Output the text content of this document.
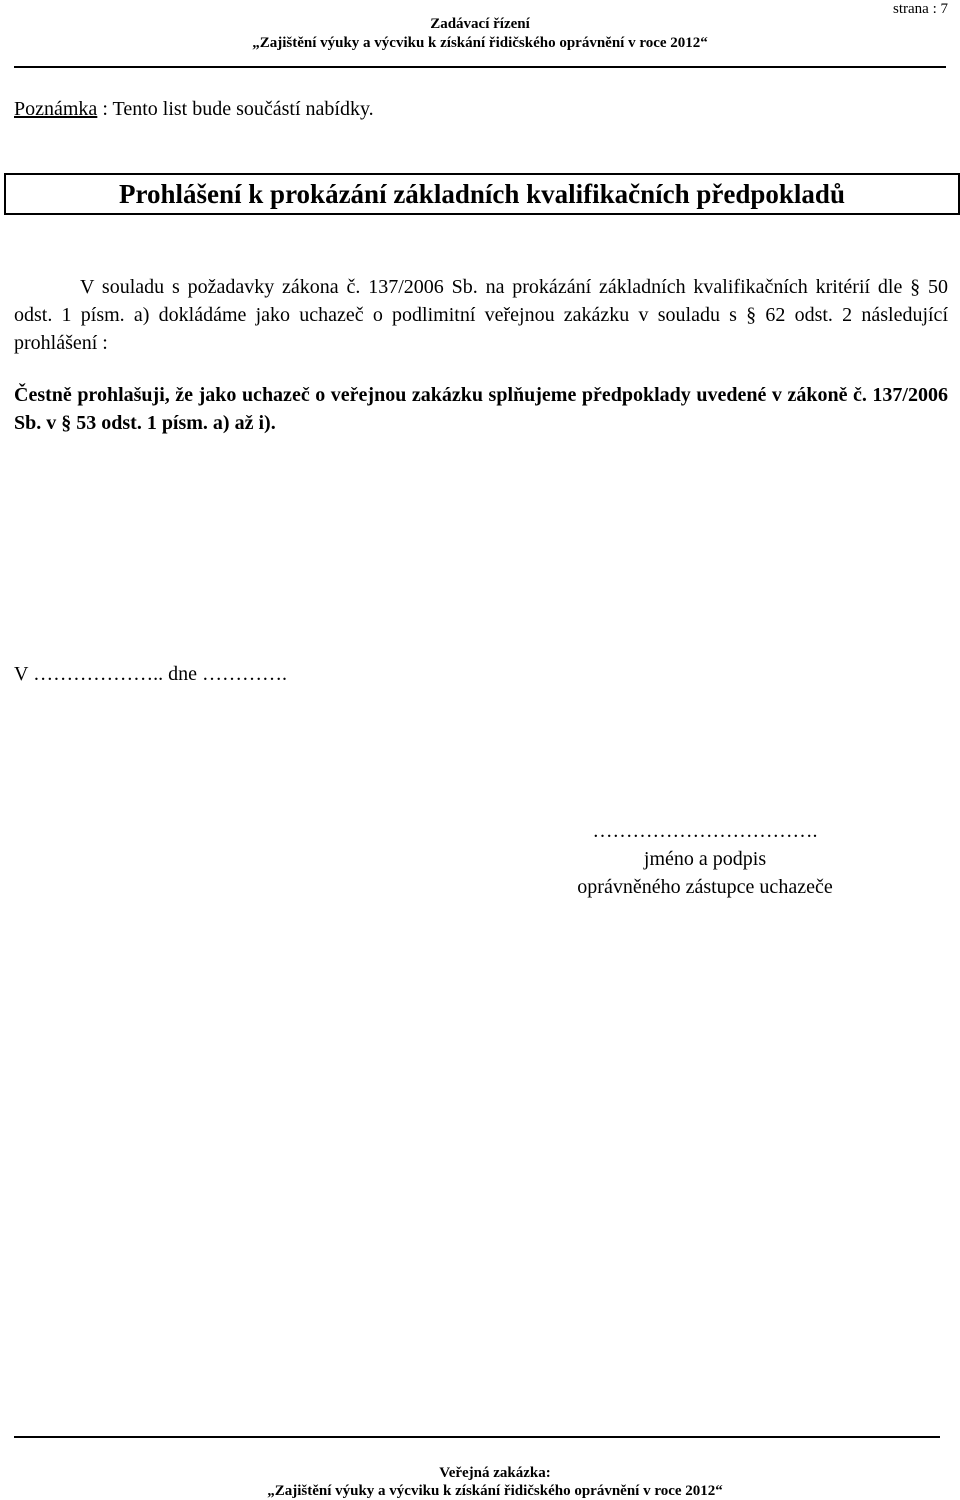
strana : 7
Zadávací řízení
„Zajištění výuky a výcviku k získání řidičského oprávnění v roce 2012“
Poznámka : Tento list bude součástí nabídky.
Prohlášení k prokázání základních kvalifikačních předpokladů

V souladu s požadavky zákona č. 137/2006 Sb. na prokázání základních kvalifikačních kritérií dle § 50 odst. 1 písm. a) dokládáme jako uchazeč o podlimitní veřejnou zakázku v souladu s § 62 odst. 2 následující prohlášení :

Čestně prohlašuji, že jako uchazeč o veřejnou zakázku splňujeme předpoklady uvedené v zákoně č. 137/2006 Sb. v § 53 odst. 1 písm. a) až i).

V ……………….. dne ………….
…………………………….
jméno a podpis
oprávněného zástupce uchazeče
Veřejná zakázka:
„Zajištění výuky a výcviku k získání řidičského oprávnění v roce 2012“
